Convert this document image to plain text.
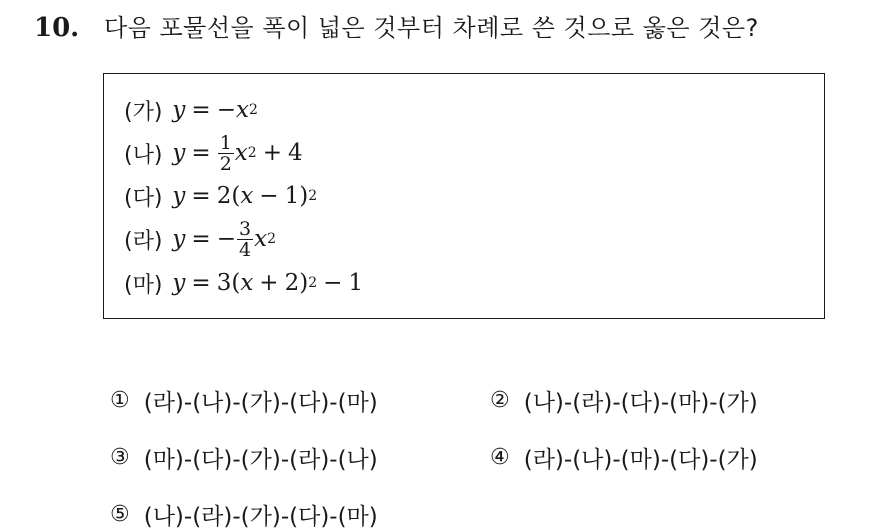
10. 다음 포물선을 폭이 넓은 것부터 차례로 쓴 것으로 옳은 것은?
(가) y = − x 2
(나) $y = \frac{1}{2}$ x 2 + 4
(다) y = 2( x − 1) 2
(라) y = − $\frac{3}{4}$ x 2
(마) y = 3( x + 2) 2 − 1
① (라)-(나)-(가)-(다)-(마)	② (나)-(라)-(다)-(마)-(가)
③ (마)-(다)-(가)-(라)-(나)	④ (라)-(나)-(마)-(다)-(가)
⑤ (나)-(라)-(가)-(다)-(마)
